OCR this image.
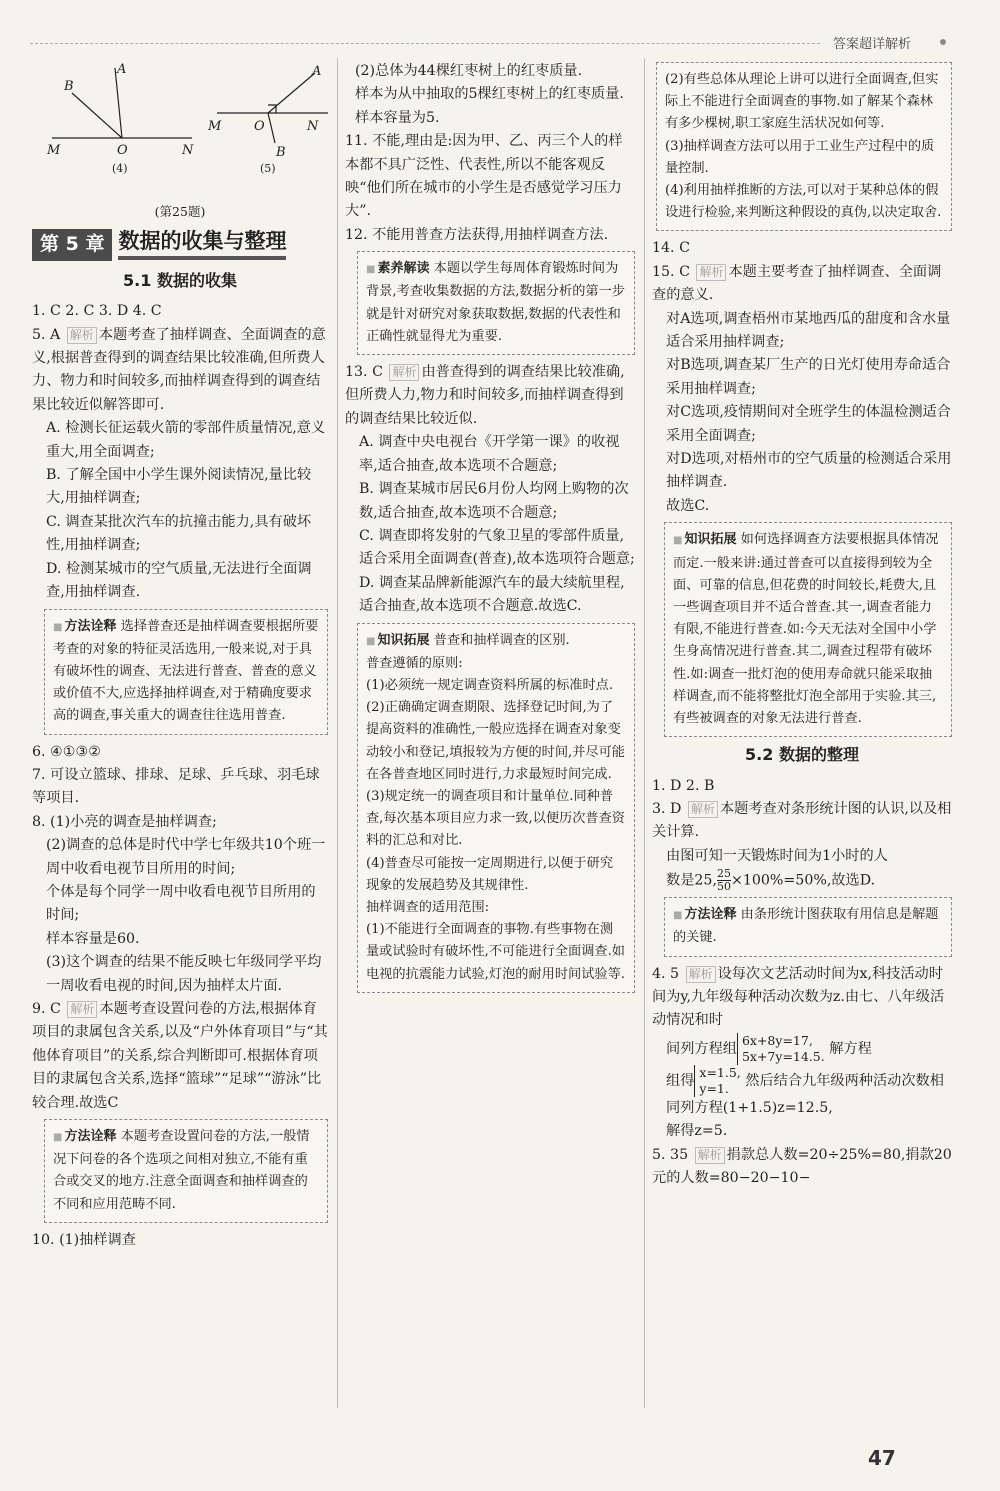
答案超详解析
A
B
M	O	N
A
M	O	N
B
(4)	(5)
(第25题)
第 5 章 数据的收集与整理
5.1 数据的收集

1. C 2. C 3. D 4. C

5. A 解析 本题考查了抽样调查、全面调查的意义,根据普查得到的调查结果比较准确,但所费人力、物力和时间较多,而抽样调查得到的调查结果比较近似解答即可.

A. 检测长征运载火箭的零部件质量情况,意义重大,用全面调查;

B. 了解全国中小学生课外阅读情况,量比较大,用抽样调查;

C. 调查某批次汽车的抗撞击能力,具有破坏性,用抽样调查;

D. 检测某城市的空气质量,无法进行全面调查,用抽样调查.

■ 方法诠释 选择普查还是抽样调查要根据所要考查的对象的特征灵活选用,一般来说,对于具有破坏性的调查、无法进行普查、普查的意义或价值不大,应选择抽样调查,对于精确度要求高的调查,事关重大的调查往往选用普查.

6. ④①③②

7. 可设立篮球、排球、足球、乒乓球、羽毛球等项目.

8. (1)小亮的调查是抽样调查;

(2)调查的总体是时代中学七年级共10个班一周中收看电视节目所用的时间;

个体是每个同学一周中收看电视节目所用的时间;

样本容量是60.

(3)这个调查的结果不能反映七年级同学平均一周收看电视的时间,因为抽样太片面.

9. C 解析 本题考查设置问卷的方法,根据体育项目的隶属包含关系,以及“户外体育项目”与“其他体育项目”的关系,综合判断即可.根据体育项目的隶属包含关系,选择“篮球”“足球”“游泳”比较合理.故选C

■ 方法诠释 本题考查设置问卷的方法,一般情况下问卷的各个选项之间相对独立,不能有重合或交叉的地方.注意全面调查和抽样调查的不同和应用范畴不同.

10. (1)抽样调查

(2)总体为44棵红枣树上的红枣质量.

样本为从中抽取的5棵红枣树上的红枣质量.

样本容量为5.

11. 不能,理由是:因为甲、乙、丙三个人的样本都不具广泛性、代表性,所以不能客观反映“他们所在城市的小学生是否感觉学习压力大”.

12. 不能用普查方法获得,用抽样调查方法.

■ 素养解读 本题以学生每周体育锻炼时间为背景,考查收集数据的方法,数据分析的第一步就是针对研究对象获取数据,数据的代表性和正确性就显得尤为重要.

13. C 解析 由普查得到的调查结果比较准确,但所费人力,物力和时间较多,而抽样调查得到的调查结果比较近似.

A. 调查中央电视台《开学第一课》的收视率,适合抽查,故本选项不合题意;

B. 调查某城市居民6月份人均网上购物的次数,适合抽查,故本选项不合题意;

C. 调查即将发射的气象卫星的零部件质量,适合采用全面调查(普查),故本选项符合题意;

D. 调查某品牌新能源汽车的最大续航里程,适合抽查,故本选项不合题意.故选C.

■ 知识拓展 普查和抽样调查的区别.

普查遵循的原则:

(1)必须统一规定调查资料所属的标准时点.

(2)正确确定调查期限、选择登记时间,为了提高资料的准确性,一般应选择在调查对象变动较小和登记,填报较为方便的时间,并尽可能在各普查地区同时进行,力求最短时间完成.

(3)规定统一的调查项目和计量单位.同种普查,每次基本项目应力求一致,以便历次普查资料的汇总和对比.

(4)普查尽可能按一定周期进行,以便于研究现象的发展趋势及其规律性.

抽样调查的适用范围:

(1)不能进行全面调查的事物.有些事物在测量或试验时有破坏性,不可能进行全面调查.如电视的抗震能力试验,灯泡的耐用时间试验等.

(2)有些总体从理论上讲可以进行全面调查,但实际上不能进行全面调查的事物.如了解某个森林有多少棵树,职工家庭生活状况如何等.

(3)抽样调查方法可以用于工业生产过程中的质量控制.

(4)利用抽样推断的方法,可以对于某种总体的假设进行检验,来判断这种假设的真伪,以决定取舍.

14. C

15. C 解析 本题主要考查了抽样调查、全面调查的意义.

对A选项,调查梧州市某地西瓜的甜度和含水量适合采用抽样调查;

对B选项,调查某厂生产的日光灯使用寿命适合采用抽样调查;

对C选项,疫情期间对全班学生的体温检测适合采用全面调查;

对D选项,对梧州市的空气质量的检测适合采用抽样调查.

故选C.

■ 知识拓展 如何选择调查方法要根据具体情况而定.一般来讲:通过普查可以直接得到较为全面、可靠的信息,但花费的时间较长,耗费大,且一些调查项目并不适合普查.其一,调查者能力有限,不能进行普查.如:今天无法对全国中小学生身高情况进行普查.其二,调查过程带有破坏性.如:调查一批灯泡的使用寿命就只能采取抽样调查,而不能将整批灯泡全部用于实验.其三,有些被调查的对象无法进行普查.
5.2 数据的整理

1. D 2. B

3. D 解析 本题考查对条形统计图的认识,以及相关计算.

由图可知一天锻炼时间为1小时的人

数是25, $\frac{25}{50} \times 100\%=50\%$,故选D.

■ 方法诠释 由条形统计图获取有用信息是解题的关键.

4. 5 解析 设每次文艺活动时间为x,科技活动时间为y,九年级每种活动次数为z.由七、八年级活动情况和时

间列方程组
6x+8y=17,
5x+7y=14.5. 解方程

组得
x=1.5,
y=1.	然后结合九年级两种活动次数相同列方程(1+1.5)z=12.5,

解得z=5.

5. 35 解析 捐款总人数=20÷25%=80,捐款20元的人数=80−20−10−

47
